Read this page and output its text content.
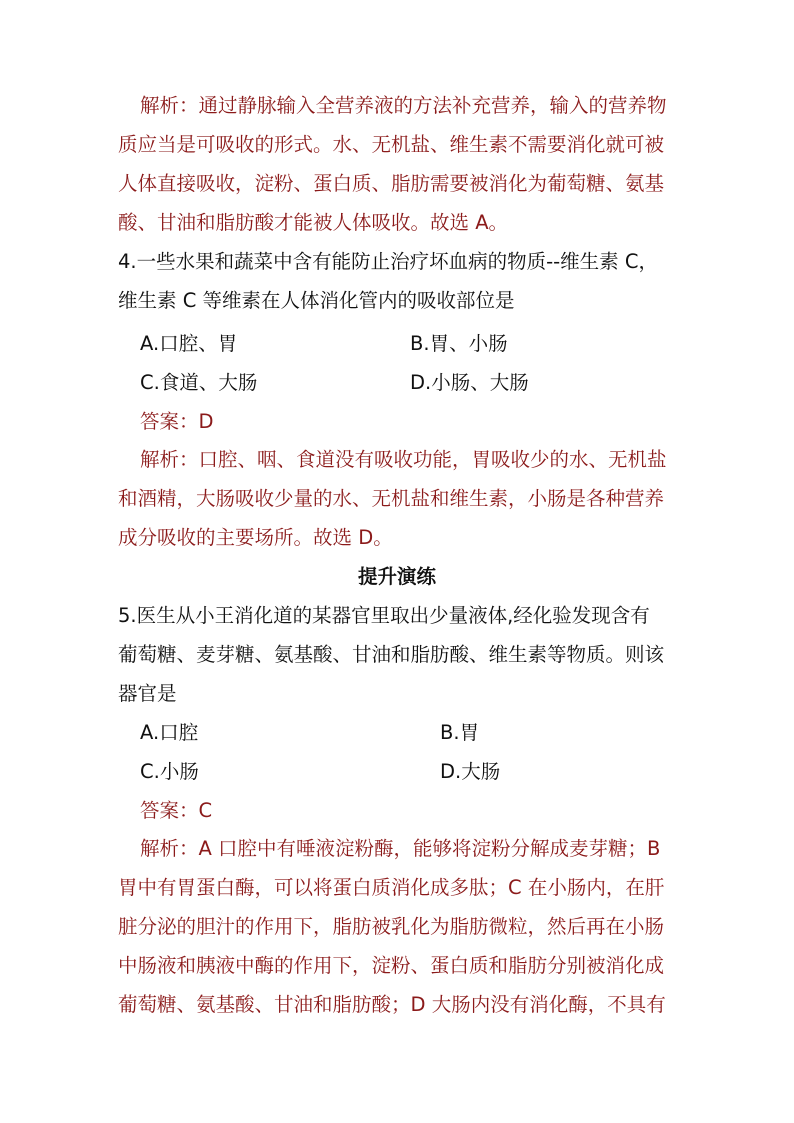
解析：通过静脉输入全营养液的方法补充营养，输入的营养物
质应当是可吸收的形式。水、无机盐、维生素不需要消化就可被
人体直接吸收，淀粉、蛋白质、脂肪需要被消化为葡萄糖、氨基
酸、甘油和脂肪酸才能被人体吸收。故选 A。
4.一些水果和蔬菜中含有能防止治疗坏血病的物质--维生素 C，
维生素 C 等维素在人体消化管内的吸收部位是
A.口腔、胃	B.胃、小肠
C.食道、大肠	D.小肠、大肠
答案：D
解析：口腔、咽、食道没有吸收功能，胃吸收少的水、无机盐
和酒精，大肠吸收少量的水、无机盐和维生素，小肠是各种营养
成分吸收的主要场所。故选 D。
提升演练
5.医生从小王消化道的某器官里取出少量液体,经化验发现含有
葡萄糖、麦芽糖、氨基酸、甘油和脂肪酸、维生素等物质。则该
器官是
A.口腔	B.胃
C.小肠	D.大肠
答案：C
解析：A 口腔中有唾液淀粉酶，能够将淀粉分解成麦芽糖；B
胃中有胃蛋白酶，可以将蛋白质消化成多肽；C 在小肠内，在肝
脏分泌的胆汁的作用下，脂肪被乳化为脂肪微粒，然后再在小肠
中肠液和胰液中酶的作用下，淀粉、蛋白质和脂肪分别被消化成
葡萄糖、氨基酸、甘油和脂肪酸；D 大肠内没有消化酶，不具有
